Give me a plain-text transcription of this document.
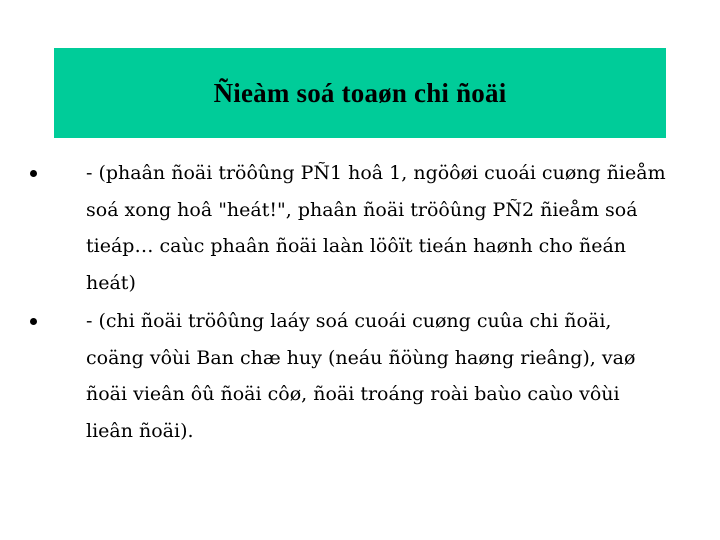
Ñieàm soá toaøn chi ñoäi
- (phaân ñoäi tröôûng PÑ1 hoâ 1, ngöôøi cuoái cuøng ñieåm soá xong hoâ "heát!", phaân ñoäi tröôûng PÑ2 ñieåm soá tieáp… caùc phaân ñoäi laàn löôït tieán haønh cho ñeán heát)
- (chi ñoäi tröôûng laáy soá cuoái cuøng cuûa chi ñoäi, coäng vôùi Ban chæ huy (neáu ñöùng haøng rieâng), vaø ñoäi vieân ôû ñoäi côø, ñoäi troáng roài baùo caùo vôùi lieân ñoäi).
